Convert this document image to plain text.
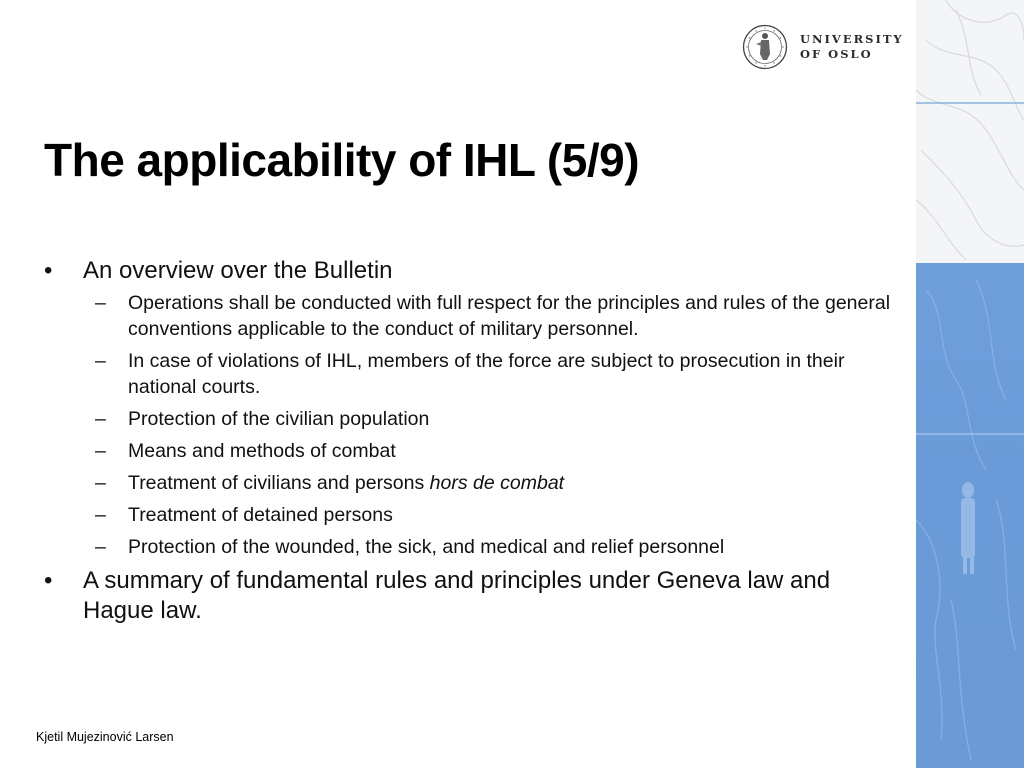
UNIVERSITY
OF OSLO
The applicability of IHL (5/9)
• An overview over the Bulletin
– Operations shall be conducted with full respect for the principles and rules of the general conventions applicable to the conduct of military personnel.
– In case of violations of IHL, members of the force are subject to prosecution in their national courts.
– Protection of the civilian population
– Means and methods of combat
– Treatment of civilians and persons hors de combat
– Treatment of detained persons
– Protection of the wounded, the sick, and medical and relief personnel
• A summary of fundamental rules and principles under Geneva law and Hague law.
Kjetil Mujezinović Larsen
